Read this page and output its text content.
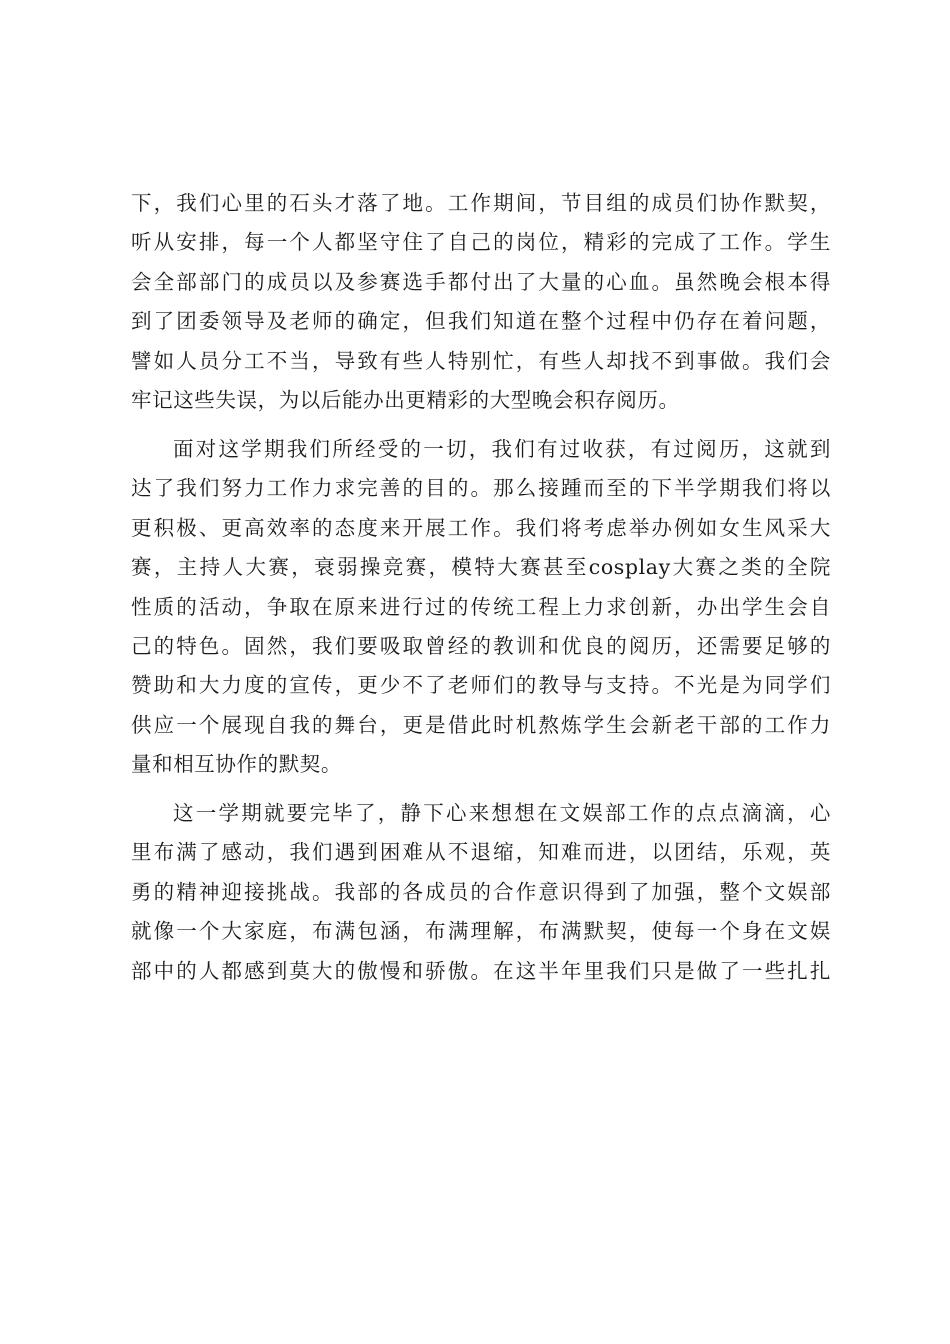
下，我们心里的石头才落了地。工作期间，节目组的成员们协作默契，
听从安排，每一个人都坚守住了自己的岗位，精彩的完成了工作。学生
会全部部门的成员以及参赛选手都付出了大量的心血。虽然晚会根本得
到了团委领导及老师的确定，但我们知道在整个过程中仍存在着问题，
譬如人员分工不当，导致有些人特别忙，有些人却找不到事做。我们会
牢记这些失误，为以后能办出更精彩的大型晚会积存阅历。
面对这学期我们所经受的一切，我们有过收获，有过阅历，这就到
达了我们努力工作力求完善的目的。那么接踵而至的下半学期我们将以
更积极、更高效率的态度来开展工作。我们将考虑举办例如女生风采大
赛，主持人大赛，衰弱操竞赛，模特大赛甚至cosplay大赛之类的全院
性质的活动，争取在原来进行过的传统工程上力求创新，办出学生会自
己的特色。固然，我们要吸取曾经的教训和优良的阅历，还需要足够的
赞助和大力度的宣传，更少不了老师们的教导与支持。不光是为同学们
供应一个展现自我的舞台，更是借此时机熬炼学生会新老干部的工作力
量和相互协作的默契。
这一学期就要完毕了，静下心来想想在文娱部工作的点点滴滴，心
里布满了感动，我们遇到困难从不退缩，知难而进，以团结，乐观，英
勇的精神迎接挑战。我部的各成员的合作意识得到了加强，整个文娱部
就像一个大家庭，布满包涵，布满理解，布满默契，使每一个身在文娱
部中的人都感到莫大的傲慢和骄傲。在这半年里我们只是做了一些扎扎
